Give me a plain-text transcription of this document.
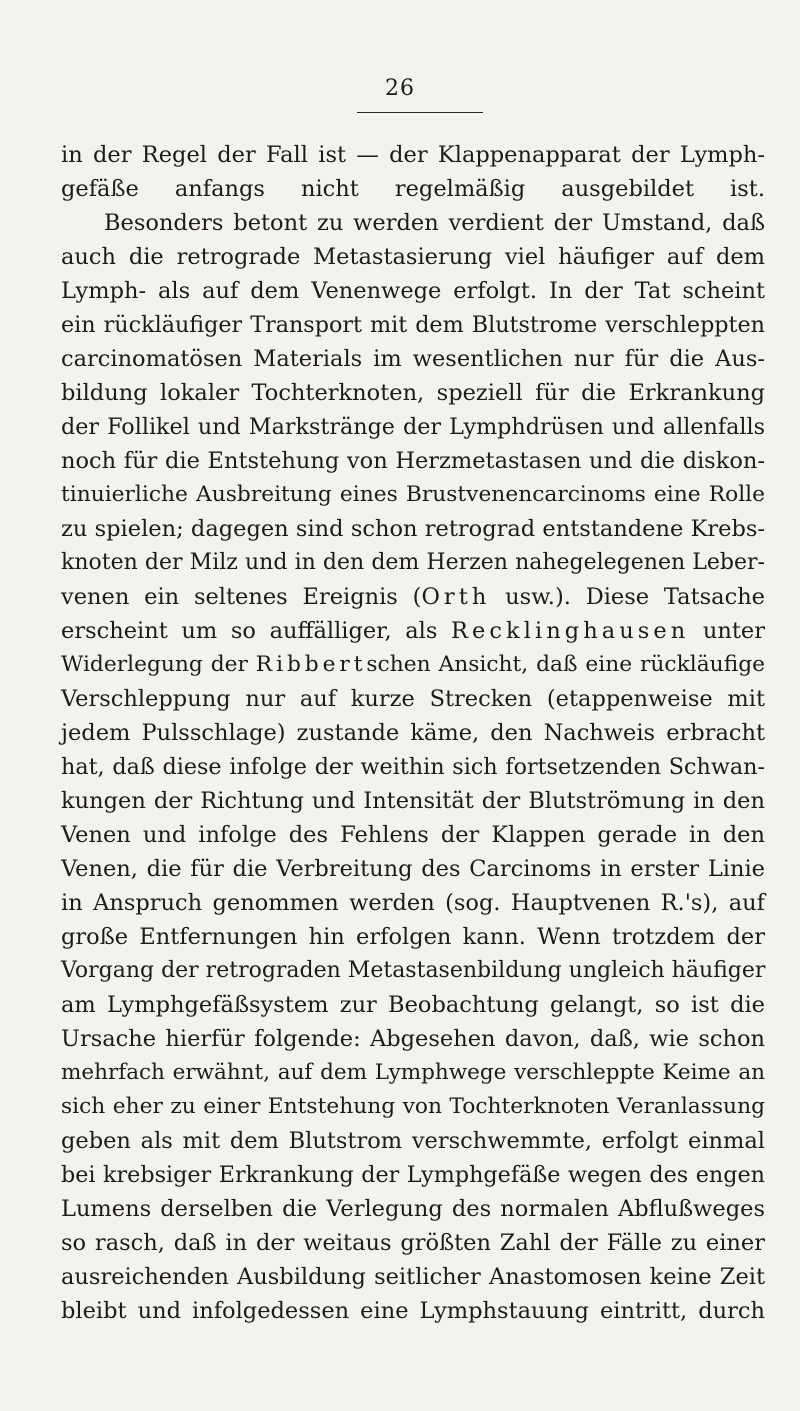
26
in der Regel der Fall ist — der Klappenapparat der Lymph-
gefäße anfangs nicht regelmäßig ausgebildet ist.
Besonders betont zu werden verdient der Umstand, daß
auch die retrograde Metastasierung viel häufiger auf dem
Lymph- als auf dem Venenwege erfolgt. In der Tat scheint
ein rückläufiger Transport mit dem Blutstrome verschleppten
carcinomatösen Materials im wesentlichen nur für die Aus-
bildung lokaler Tochterknoten, speziell für die Erkrankung
der Follikel und Markstränge der Lymphdrüsen und allenfalls
noch für die Entstehung von Herzmetastasen und die diskon-
tinuierliche Ausbreitung eines Brustvenencarcinoms eine Rolle
zu spielen; dagegen sind schon retrograd entstandene Krebs-
knoten der Milz und in den dem Herzen nahegelegenen Leber-
venen ein seltenes Ereignis (Orth usw.). Diese Tatsache
erscheint um so auffälliger, als Recklinghausen unter
Widerlegung der Ribbertschen Ansicht, daß eine rückläufige
Verschleppung nur auf kurze Strecken (etappenweise mit
jedem Pulsschlage) zustande käme, den Nachweis erbracht
hat, daß diese infolge der weithin sich fortsetzenden Schwan-
kungen der Richtung und Intensität der Blutströmung in den
Venen und infolge des Fehlens der Klappen gerade in den
Venen, die für die Verbreitung des Carcinoms in erster Linie
in Anspruch genommen werden (sog. Hauptvenen R.'s), auf
große Entfernungen hin erfolgen kann. Wenn trotzdem der
Vorgang der retrograden Metastasenbildung ungleich häufiger
am Lymphgefäßsystem zur Beobachtung gelangt, so ist die
Ursache hierfür folgende: Abgesehen davon, daß, wie schon
mehrfach erwähnt, auf dem Lymphwege verschleppte Keime an
sich eher zu einer Entstehung von Tochterknoten Veranlassung
geben als mit dem Blutstrom verschwemmte, erfolgt einmal
bei krebsiger Erkrankung der Lymphgefäße wegen des engen
Lumens derselben die Verlegung des normalen Abflußweges
so rasch, daß in der weitaus größten Zahl der Fälle zu einer
ausreichenden Ausbildung seitlicher Anastomosen keine Zeit
bleibt und infolgedessen eine Lymphstauung eintritt, durch
